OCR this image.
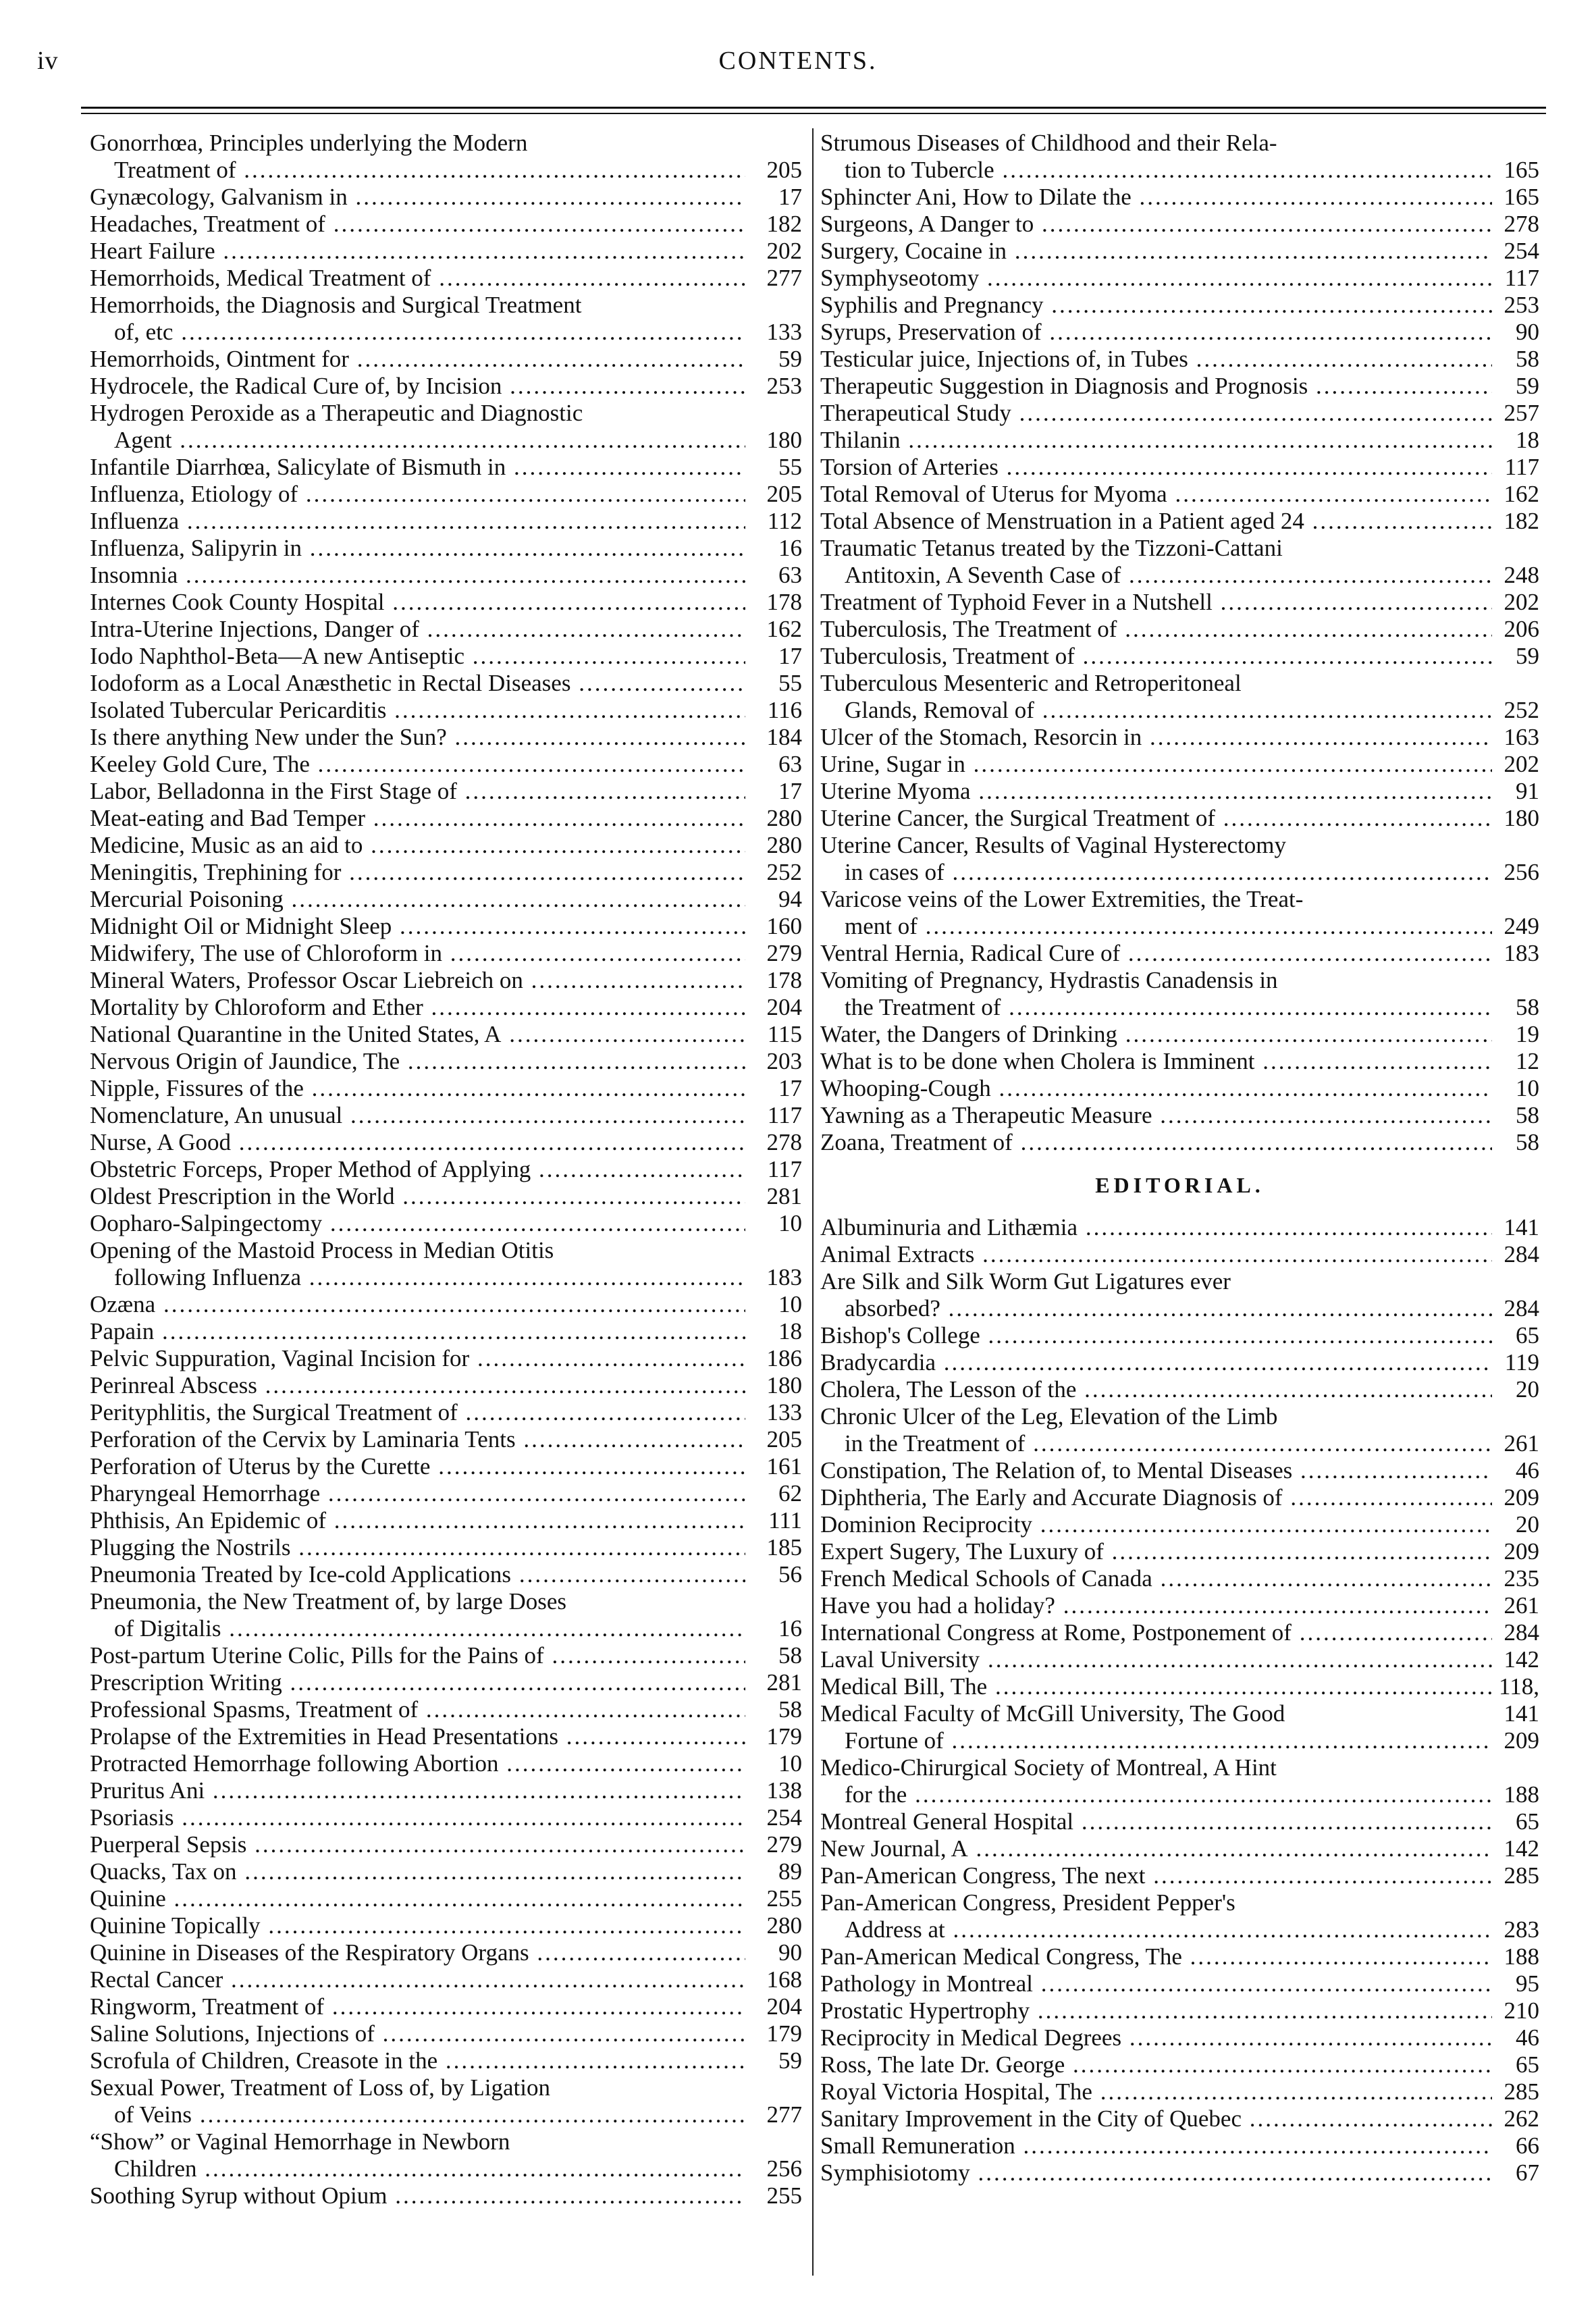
iv	CONTENTS.
Gonorrhœa, Principles underlying the Modern
Treatment of .....	205
Gynæcology, Galvanism in .....	17
Headaches, Treatment of .....	182
Heart Failure .....	202
Hemorrhoids, Medical Treatment of .....	277
Hemorrhoids, the Diagnosis and Surgical Treatment
of, etc .....	133
Hemorrhoids, Ointment for .....	59
Hydrocele, the Radical Cure of, by Incision .....	253
Hydrogen Peroxide as a Therapeutic and Diagnostic
Agent .....	180
Infantile Diarrhœa, Salicylate of Bismuth in .....	55
Influenza, Etiology of .....	205
Influenza .....	112
Influenza, Salipyrin in .....	16
Insomnia .....	63
Internes Cook County Hospital .....	178
Intra-Uterine Injections, Danger of .....	162
Iodo Naphthol-Beta—A new Antiseptic .....	17
Iodoform as a Local Anæsthetic in Rectal Diseases .....	55
Isolated Tubercular Pericarditis .....	116
Is there anything New under the Sun? .....	184
Keeley Gold Cure, The .....	63
Labor, Belladonna in the First Stage of .....	17
Meat-eating and Bad Temper .....	280
Medicine, Music as an aid to .....	280
Meningitis, Trephining for .....	252
Mercurial Poisoning .....	94
Midnight Oil or Midnight Sleep .....	160
Midwifery, The use of Chloroform in .....	279
Mineral Waters, Professor Oscar Liebreich on .....	178
Mortality by Chloroform and Ether .....	204
National Quarantine in the United States, A .....	115
Nervous Origin of Jaundice, The .....	203
Nipple, Fissures of the .....	17
Nomenclature, An unusual .....	117
Nurse, A Good .....	278
Obstetric Forceps, Proper Method of Applying .....	117
Oldest Prescription in the World .....	281
Oopharo-Salpingectomy .....	10
Opening of the Mastoid Process in Median Otitis
following Influenza .....	183
Ozæna .....	10
Papain .....	18
Pelvic Suppuration, Vaginal Incision for .....	186
Perinreal Abscess .....	180
Perityphlitis, the Surgical Treatment of .....	133
Perforation of the Cervix by Laminaria Tents .....	205
Perforation of Uterus by the Curette .....	161
Pharyngeal Hemorrhage .....	62
Phthisis, An Epidemic of .....	111
Plugging the Nostrils .....	185
Pneumonia Treated by Ice-cold Applications .....	56
Pneumonia, the New Treatment of, by large Doses
of Digitalis .....	16
Post-partum Uterine Colic, Pills for the Pains of .....	58
Prescription Writing .....	281
Professional Spasms, Treatment of .....	58
Prolapse of the Extremities in Head Presentations .....	179
Protracted Hemorrhage following Abortion .....	10
Pruritus Ani .....	138
Psoriasis .....	254
Puerperal Sepsis .....	279
Quacks, Tax on .....	89
Quinine .....	255
Quinine Topically .....	280
Quinine in Diseases of the Respiratory Organs .....	90
Rectal Cancer .....	168
Ringworm, Treatment of .....	204
Saline Solutions, Injections of .....	179
Scrofula of Children, Creasote in the .....	59
Sexual Power, Treatment of Loss of, by Ligation
of Veins .....	277
“Show” or Vaginal Hemorrhage in Newborn
Children .....	256
Soothing Syrup without Opium .....	255
Strumous Diseases of Childhood and their Rela-
tion to Tubercle .....	165
Sphincter Ani, How to Dilate the .....	165
Surgeons, A Danger to .....	278
Surgery, Cocaine in .....	254
Symphyseotomy .....	117
Syphilis and Pregnancy .....	253
Syrups, Preservation of .....	90
Testicular juice, Injections of, in Tubes .....	58
Therapeutic Suggestion in Diagnosis and Prognosis .....	59
Therapeutical Study .....	257
Thilanin .....	18
Torsion of Arteries .....	117
Total Removal of Uterus for Myoma .....	162
Total Absence of Menstruation in a Patient aged 24 .....	182
Traumatic Tetanus treated by the Tizzoni-Cattani
Antitoxin, A Seventh Case of .....	248
Treatment of Typhoid Fever in a Nutshell .....	202
Tuberculosis, The Treatment of .....	206
Tuberculosis, Treatment of .....	59
Tuberculous Mesenteric and Retroperitoneal
Glands, Removal of .....	252
Ulcer of the Stomach, Resorcin in .....	163
Urine, Sugar in .....	202
Uterine Myoma .....	91
Uterine Cancer, the Surgical Treatment of .....	180
Uterine Cancer, Results of Vaginal Hysterectomy
in cases of .....	256
Varicose veins of the Lower Extremities, the Treat-
ment of .....	249
Ventral Hernia, Radical Cure of .....	183
Vomiting of Pregnancy, Hydrastis Canadensis in
the Treatment of .....	58
Water, the Dangers of Drinking .....	19
What is to be done when Cholera is Imminent .....	12
Whooping-Cough .....	10
Yawning as a Therapeutic Measure .....	58
Zoana, Treatment of .....	58
EDITORIAL.
Albuminuria and Lithæmia .....	141
Animal Extracts .....	284
Are Silk and Silk Worm Gut Ligatures ever
absorbed? .....	284
Bishop's College .....	65
Bradycardia .....	119
Cholera, The Lesson of the .....	20
Chronic Ulcer of the Leg, Elevation of the Limb
in the Treatment of .....	261
Constipation, The Relation of, to Mental Diseases .....	46
Diphtheria, The Early and Accurate Diagnosis of .....	209
Dominion Reciprocity .....	20
Expert Sugery, The Luxury of .....	209
French Medical Schools of Canada .....	235
Have you had a holiday? .....	261
International Congress at Rome, Postponement of .....	284
Laval University .....	142
Medical Bill, The .....	118, 141
Medical Faculty of McGill University, The Good
Fortune of .....	209
Medico-Chirurgical Society of Montreal, A Hint
for the .....	188
Montreal General Hospital .....	65
New Journal, A .....	142
Pan-American Congress, The next .....	285
Pan-American Congress, President Pepper's
Address at .....	283
Pan-American Medical Congress, The .....	188
Pathology in Montreal .....	95
Prostatic Hypertrophy .....	210
Reciprocity in Medical Degrees .....	46
Ross, The late Dr. George .....	65
Royal Victoria Hospital, The .....	285
Sanitary Improvement in the City of Quebec .....	262
Small Remuneration .....	66
Symphisiotomy .....	67
